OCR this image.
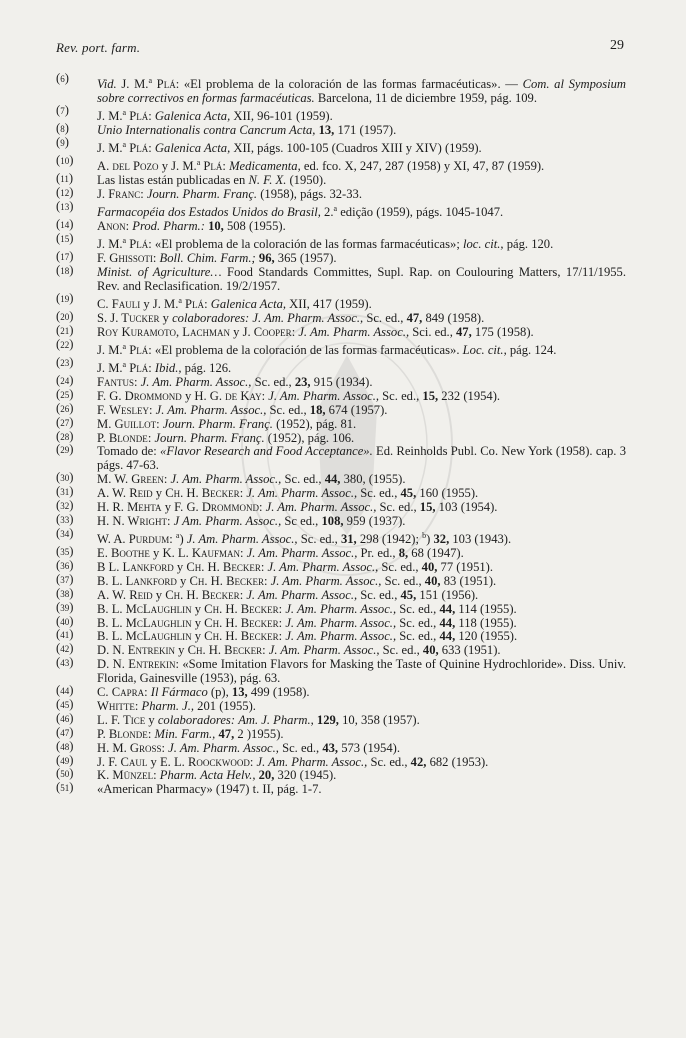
Rev. port. farm.	29
( 6 )	Vid. J. M.$^a$ Plá: «El problema de la coloración de las formas farmacéuticas». — Com. al Symposium sobre correctivos en formas farmacéuticas. Barcelona, 11 de diciembre 1959, pág. 109.
( 7 )	J. M.$^a$ Plá: Galenica Acta, XII, 96-101 (1959).
( 8 )	Unio Internationalis contra Cancrum Acta, 13, 171 (1957).
( 9 )	J. M.$^a$ Plá: Galenica Acta, XII, págs. 100-105 (Cuadros XIII y XIV) (1959).
( 10 )	A. del Pozo y J. M.$^a$ Plá: Medicamenta, ed. fco. X, 247, 287 (1958) y XI, 47, 87 (1959).
( 11 )	Las listas están publicadas en N. F. X. (1950).
( 12 )	J. Franc: Journ. Pharm. Franç. (1958), págs. 32-33.
( 13 )	Farmacopéia dos Estados Unidos do Brasil, 2.$^a$ edição (1959), págs. 1045-1047.
( 14 )	Anon: Prod. Pharm.: 10, 508 (1955).
( 15 )	J. M.$^a$ Plá: «El problema de la coloración de las formas farmacéuticas»; loc. cit., pág. 120.
( 17 )	F. Ghissoti: Boll. Chim. Farm.; 96, 365 (1957).
( 18 )	Minist. of Agriculture… Food Standards Committes, Supl. Rap. on Coulouring Matters, 17/11/1955. Rev. and Reclasification. 19/2/1957.
( 19 )	C. Fauli y J. M.$^a$ Plá: Galenica Acta, XII, 417 (1959).
( 20 )	S. J. Tucker y colaboradores: J. Am. Pharm. Assoc., Sc. ed., 47, 849 (1958).
( 21 )	Roy Kuramoto, Lachman y J. Cooper: J. Am. Pharm. Assoc., Sci. ed., 47, 175 (1958).
( 22 )	J. M.$^a$ Plá: «El problema de la coloración de las formas farmacéuticas». Loc. cit., pág. 124.
( 23 )	J. M.$^a$ Plá: Ibid., pág. 126.
( 24 )	Fantus: J. Am. Pharm. Assoc., Sc. ed., 23, 915 (1934).
( 25 )	F. G. Drommond y H. G. de Kay: J. Am. Pharm. Assoc., Sc. ed., 15, 232 (1954).
( 26 )	F. Wesley: J. Am. Pharm. Assoc., Sc. ed., 18, 674 (1957).
( 27 )	M. Guillot: Journ. Pharm. Franç. (1952), pág. 81.
( 28 )	P. Blonde: Journ. Pharm. Franç. (1952), pág. 106.
( 29 )	Tomado de: «Flavor Research and Food Acceptance». Ed. Reinholds Publ. Co. New York (1958). cap. 3 págs. 47-63.
( 30 )	M. W. Green: J. Am. Pharm. Assoc., Sc. ed., 44, 380, (1955).
( 31 )	A. W. Reid y Ch. H. Becker: J. Am. Pharm. Assoc., Sc. ed., 45, 160 (1955).
( 32 )	H. R. Mehta y F. G. Drommond: J. Am. Pharm. Assoc., Sc. ed., 15, 103 (1954).
( 33 )	H. N. Wright: J Am. Pharm. Assoc., Sc ed., 108, 959 (1937).
( 34 )	W. A. Purdum: $^a$) J. Am. Pharm. Assoc., Sc. ed., 31, 298 (1942); $^b$) 32, 103 (1943).
( 35 )	E. Boothe y K. L. Kaufman: J. Am. Pharm. Assoc., Pr. ed., 8, 68 (1947).
( 36 )	B L. Lankford y Ch. H. Becker: J. Am. Pharm. Assoc., Sc. ed., 40, 77 (1951).
( 37 )	B. L. Lankford y Ch. H. Becker: J. Am. Pharm. Assoc., Sc. ed., 40, 83 (1951).
( 38 )	A. W. Reid y Ch. H. Becker: J. Am. Pharm. Assoc., Sc. ed., 45, 151 (1956).
( 39 )	B. L. McLaughlin y Ch. H. Becker: J. Am. Pharm. Assoc., Sc. ed., 44, 114 (1955).
( 40 )	B. L. McLaughlin y Ch. H. Becker: J. Am. Pharm. Assoc., Sc. ed., 44, 118 (1955).
( 41 )	B. L. McLaughlin y Ch. H. Becker: J. Am. Pharm. Assoc., Sc. ed., 44, 120 (1955).
( 42 )	D. N. Entrekin y Ch. H. Becker: J. Am. Pharm. Assoc., Sc. ed., 40, 633 (1951).
( 43 )	D. N. Entrekin: «Some Imitation Flavors for Masking the Taste of Quinine Hydrochloride». Diss. Univ. Florida, Gainesville (1953), pág. 63.
( 44 )	C. Capra: Il Fármaco (p), 13, 499 (1958).
( 45 )	Whitte: Pharm. J., 201 (1955).
( 46 )	L. F. Tice y colaboradores: Am. J. Pharm., 129, 10, 358 (1957).
( 47 )	P. Blonde: Min. Farm., 47, 2 )1955).
( 48 )	H. M. Gross: J. Am. Pharm. Assoc., Sc. ed., 43, 573 (1954).
( 49 )	J. F. Caul y E. L. Roockwood: J. Am. Pharm. Assoc., Sc. ed., 42, 682 (1953).
( 50 )	K. Münzel: Pharm. Acta Helv., 20, 320 (1945).
( 51 )	«American Pharmacy» (1947) t. II, pág. 1-7.
